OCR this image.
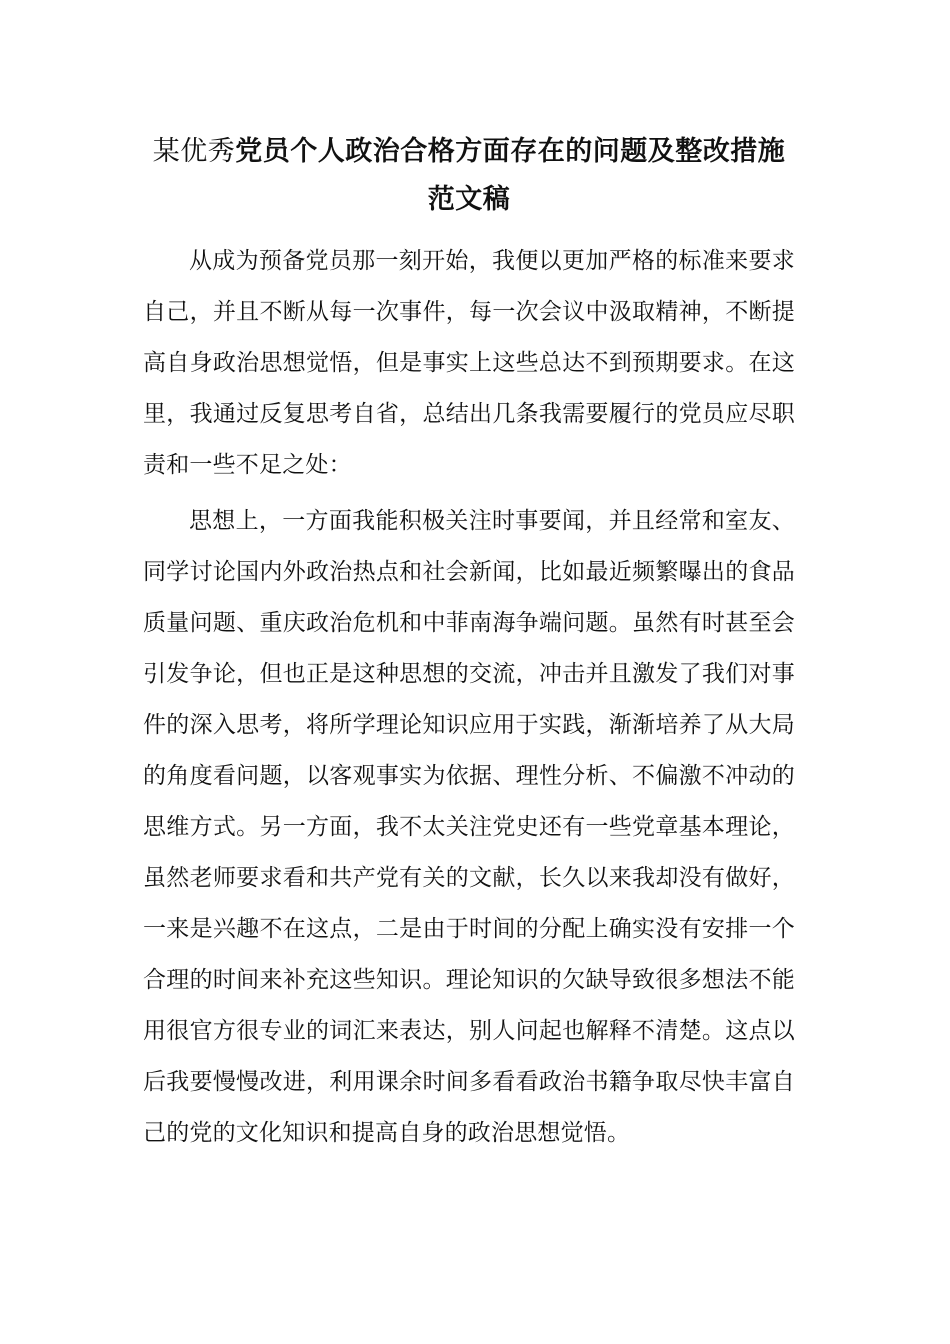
某优秀党员个人政治合格方面存在的问题及整改措施
范文稿

从成为预备党员那一刻开始，我便以更加严格的标准来要求自己，并且不断从每一次事件，每一次会议中汲取精神，不断提高自身政治思想觉悟，但是事实上这些总达不到预期要求。在这里，我通过反复思考自省，总结出几条我需要履行的党员应尽职责和一些不足之处：

思想上，一方面我能积极关注时事要闻，并且经常和室友、同学讨论国内外政治热点和社会新闻，比如最近频繁曝出的食品质量问题、重庆政治危机和中菲南海争端问题。虽然有时甚至会引发争论，但也正是这种思想的交流，冲击并且激发了我们对事件的深入思考，将所学理论知识应用于实践，渐渐培养了从大局的角度看问题，以客观事实为依据、理性分析、不偏激不冲动的思维方式。另一方面，我不太关注党史还有一些党章基本理论，虽然老师要求看和共产党有关的文献，长久以来我却没有做好，一来是兴趣不在这点，二是由于时间的分配上确实没有安排一个合理的时间来补充这些知识。理论知识的欠缺导致很多想法不能用很官方很专业的词汇来表达，别人问起也解释不清楚。这点以后我要慢慢改进，利用课余时间多看看政治书籍争取尽快丰富自己的党的文化知识和提高自身的政治思想觉悟。
